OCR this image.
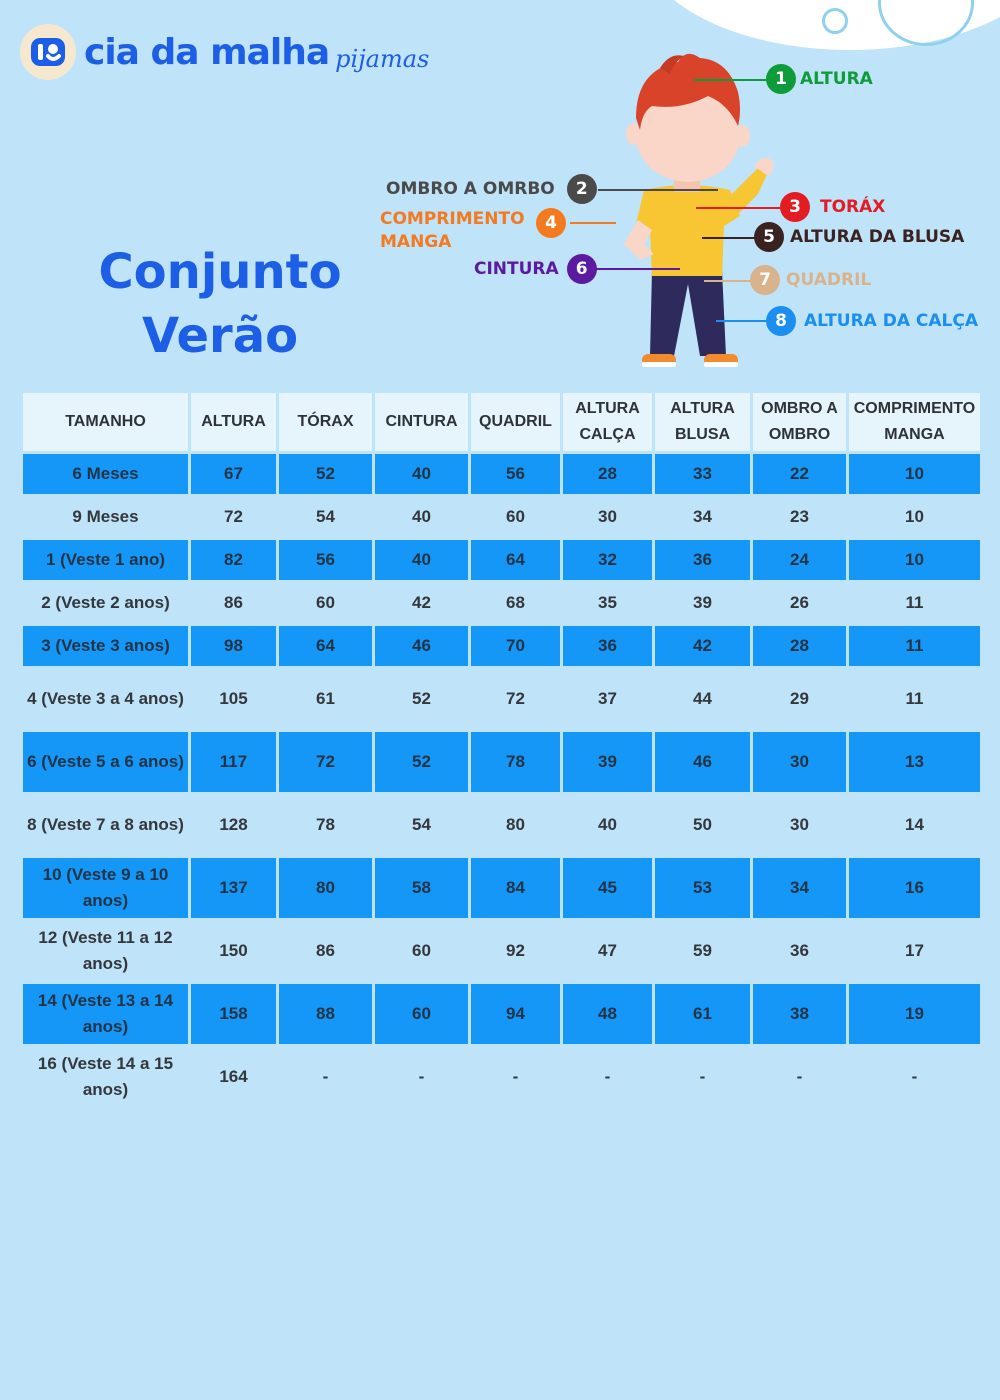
cia da malha pijamas
Conjunto
Verão
1 ALTURA
OMBRO A OMRBO	2
3	TORÁX
COMPRIMENTO MANGA
4
5 ALTURA DA BLUSA
CINTURA	6
7 QUADRIL
8	ALTURA DA CALÇA
TAMANHO	ALTURA	TÓRAX	CINTURA	QUADRIL	ALTURA CALÇA	ALTURA BLUSA	OMBRO A OMBRO	COMPRIMENTO MANGA
6 Meses	67	52	40	56	28	33	22	10
9 Meses	72	54	40	60	30	34	23	10
1 (Veste 1 ano)	82	56	40	64	32	36	24	10
2 (Veste 2 anos)	86	60	42	68	35	39	26	11
3 (Veste 3 anos)	98	64	46	70	36	42	28	11
4 (Veste 3 a 4 anos)	105	61	52	72	37	44	29	11
6 (Veste 5 a 6 anos)	117	72	52	78	39	46	30	13
8 (Veste 7 a 8 anos)	128	78	54	80	40	50	30	14
10 (Veste 9 a 10 anos)	137	80	58	84	45	53	34	16
12 (Veste 11 a 12 anos)	150	86	60	92	47	59	36	17
14 (Veste 13 a 14 anos)	158	88	60	94	48	61	38	19
16 (Veste 14 a 15 anos)	164	-	-	-	-	-	-	-
